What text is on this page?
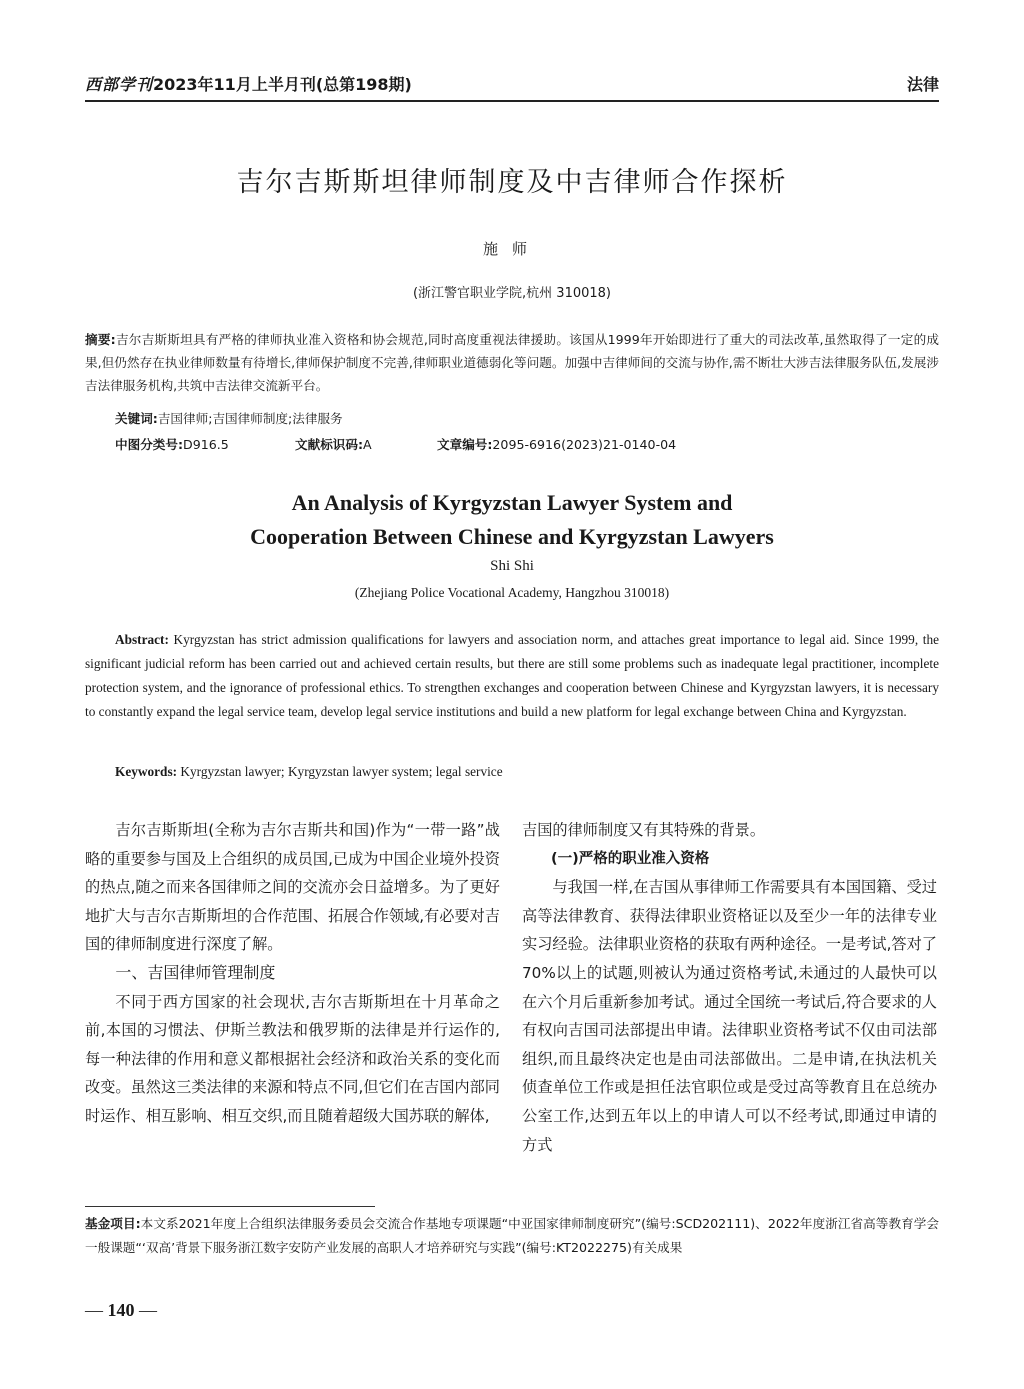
西部学刊2023年11月上半月刊(总第198期)	法律
吉尔吉斯斯坦律师制度及中吉律师合作探析
施师
(浙江警官职业学院,杭州 310018)
摘要:吉尔吉斯斯坦具有严格的律师执业准入资格和协会规范,同时高度重视法律援助。该国从1999年开始即进行了重大的司法改革,虽然取得了一定的成果,但仍然存在执业律师数量有待增长,律师保护制度不完善,律师职业道德弱化等问题。加强中吉律师间的交流与协作,需不断壮大涉吉法律服务队伍,发展涉吉法律服务机构,共筑中吉法律交流新平台。
关键词:吉国律师;吉国律师制度;法律服务
中图分类号:D916.5	文献标识码:A	文章编号:2095-6916(2023)21-0140-04
An Analysis of Kyrgyzstan Lawyer System and
Cooperation Between Chinese and Kyrgyzstan Lawyers
Shi Shi
(Zhejiang Police Vocational Academy, Hangzhou 310018)
Abstract: Kyrgyzstan has strict admission qualifications for lawyers and association norm, and attaches great importance to legal aid. Since 1999, the significant judicial reform has been carried out and achieved certain results, but there are still some problems such as inadequate legal practitioner, incomplete protection system, and the ignorance of professional ethics. To strengthen exchanges and cooperation between Chinese and Kyrgyzstan lawyers, it is necessary to constantly expand the legal service team, develop legal service institutions and build a new platform for legal exchange between China and Kyrgyzstan.
Keywords: Kyrgyzstan lawyer; Kyrgyzstan lawyer system; legal service

吉尔吉斯斯坦(全称为吉尔吉斯共和国)作为“一带一路”战略的重要参与国及上合组织的成员国,已成为中国企业境外投资的热点,随之而来各国律师之间的交流亦会日益增多。为了更好地扩大与吉尔吉斯斯坦的合作范围、拓展合作领域,有必要对吉国的律师制度进行深度了解。

一、吉国律师管理制度

不同于西方国家的社会现状,吉尔吉斯斯坦在十月革命之前,本国的习惯法、伊斯兰教法和俄罗斯的法律是并行运作的,每一种法律的作用和意义都根据社会经济和政治关系的变化而改变。虽然这三类法律的来源和特点不同,但它们在吉国内部同时运作、相互影响、相互交织,而且随着超级大国苏联的解体,

吉国的律师制度又有其特殊的背景。

(一)严格的职业准入资格

与我国一样,在吉国从事律师工作需要具有本国国籍、受过高等法律教育、获得法律职业资格证以及至少一年的法律专业实习经验。法律职业资格的获取有两种途径。一是考试,答对了70%以上的试题,则被认为通过资格考试,未通过的人最快可以在六个月后重新参加考试。通过全国统一考试后,符合要求的人有权向吉国司法部提出申请。法律职业资格考试不仅由司法部组织,而且最终决定也是由司法部做出。二是申请,在执法机关侦查单位工作或是担任法官职位或是受过高等教育且在总统办公室工作,达到五年以上的申请人可以不经考试,即通过申请的方式

基金项目:本文系2021年度上合组织法律服务委员会交流合作基地专项课题“中亚国家律师制度研究”(编号:SCD202111)、2022年度浙江省高等教育学会一般课题“‘双高’背景下服务浙江数字安防产业发展的高职人才培养研究与实践”(编号:KT2022275)有关成果
— 140 —
